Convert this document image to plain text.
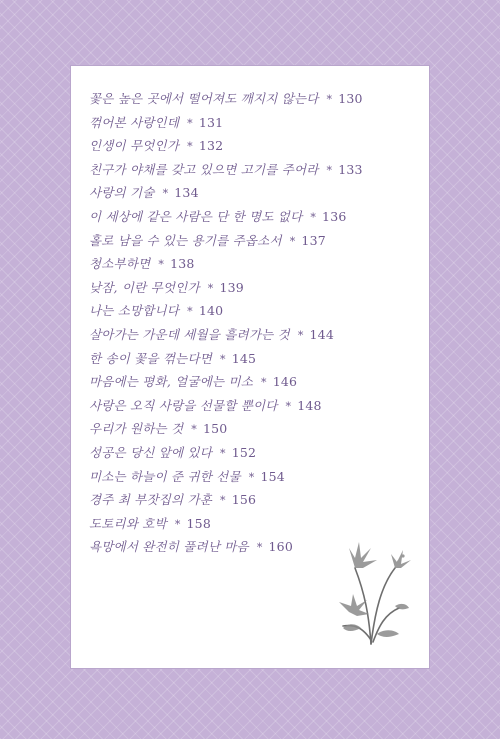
꽃은 높은 곳에서 떨어져도 깨지지 않는다 * 130
꺾어본 사랑인데 * 131
인생이 무엇인가 * 132
친구가 야채를 갖고 있으면 고기를 주어라 * 133
사랑의 기술 * 134
이 세상에 같은 사람은 단 한 명도 없다 * 136
홀로 남을 수 있는 용기를 주옵소서 * 137
청소부하면 * 138
낮잠, 이란 무엇인가 * 139
나는 소망합니다 * 140
살아가는 가운데 세월을 흘려가는 것 * 144
한 송이 꽃을 꺾는다면 * 145
마음에는 평화, 얼굴에는 미소 * 146
사랑은 오직 사랑을 선물할 뿐이다 * 148
우리가 원하는 것 * 150
성공은 당신 앞에 있다 * 152
미소는 하늘이 준 귀한 선물 * 154
경주 최 부잣집의 가훈 * 156
도토리와 호박 * 158
욕망에서 완전히 풀려난 마음 * 160
